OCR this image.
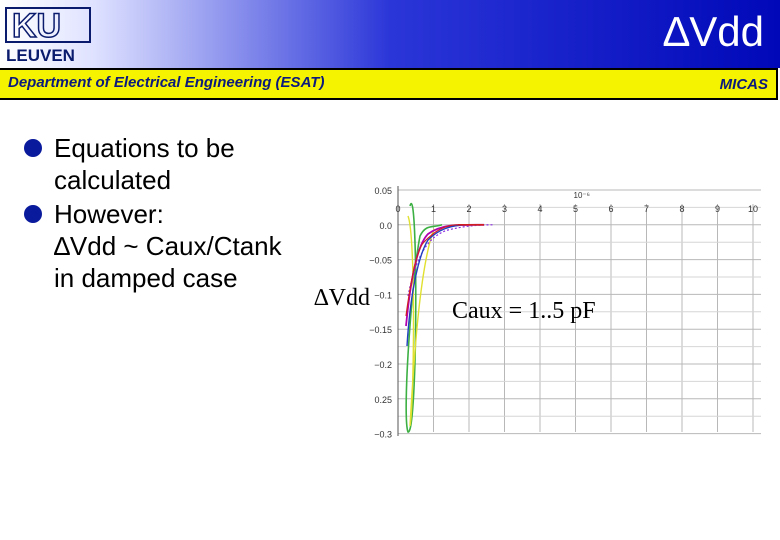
KU
LEUVEN
∆Vdd
Department of Electrical Engineering (ESAT)	MICAS
Equations to be
calculated
However:
∆Vdd ~ Caux/Ctank
in damped case
0.05
0.0
−0.05
−0.1
−0.15
−0.2
0.25
−0.3
0	1	2	3	4	5	6	7	8	9	10
10⁻⁶
∆Vdd	Caux = 1..5 pF
